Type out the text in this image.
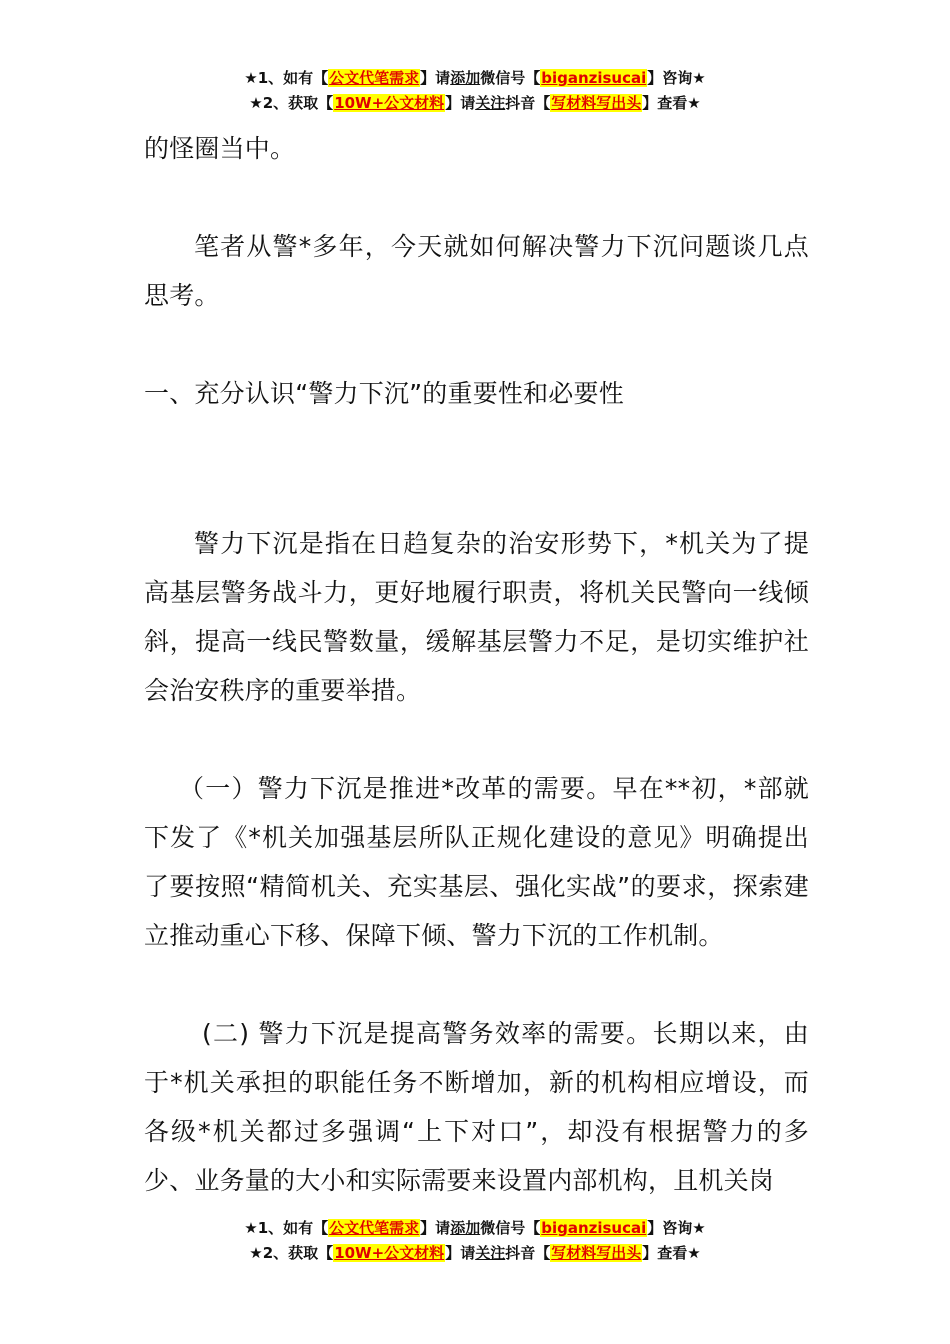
★1、如有【公文代笔需求】请添加微信号【biganzisucai】咨询★
★2、获取【10W+公文材料】请关注抖音【写材料写出头】查看★

的怪圈当中。

笔者从警*多年，今天就如何解决警力下沉问题谈几点思考。

一、充分认识“警力下沉”的重要性和必要性

警力下沉是指在日趋复杂的治安形势下，*机关为了提高基层警务战斗力，更好地履行职责，将机关民警向一线倾斜，提高一线民警数量，缓解基层警力不足，是切实维护社会治安秩序的重要举措。

（一）警力下沉是推进*改革的需要。早在**初，*部就下发了《*机关加强基层所队正规化建设的意见》明确提出了要按照“精简机关、充实基层、强化实战”的要求，探索建立推动重心下移、保障下倾、警力下沉的工作机制。

(二) 警力下沉是提高警务效率的需要。长期以来，由于*机关承担的职能任务不断增加，新的机构相应增设，而各级*机关都过多强调“上下对口”，却没有根据警力的多少、业务量的大小和实际需要来设置内部机构，且机关岗

★1、如有【公文代笔需求】请添加微信号【biganzisucai】咨询★
★2、获取【10W+公文材料】请关注抖音【写材料写出头】查看★
